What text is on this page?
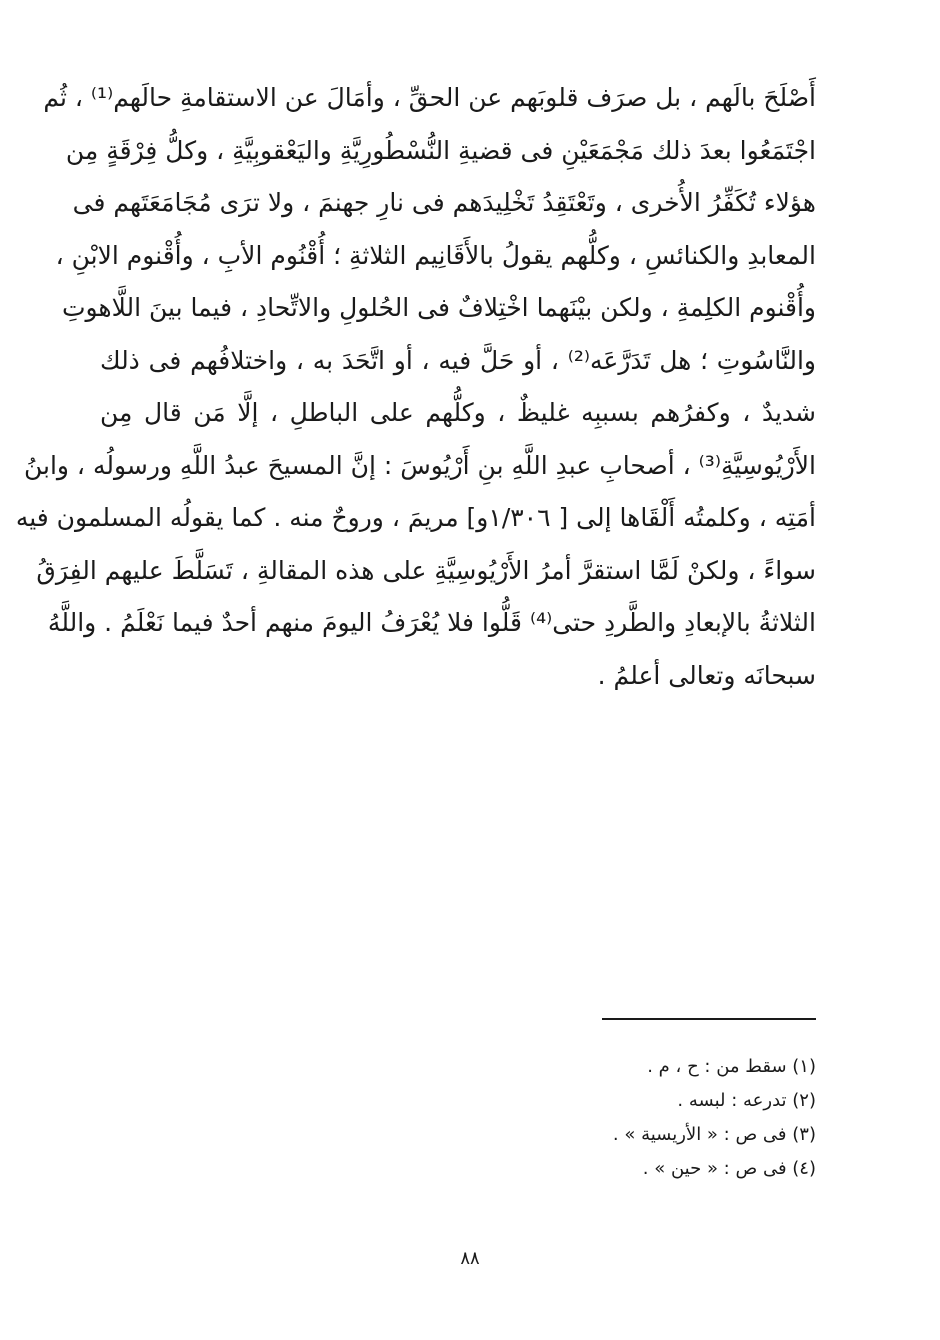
أَصْلَحَ بالَهم ، بل صرَف قلوبَهم عن الحقِّ ، وأمَالَ عن الاستقامةِ حالَهم⁽¹⁾ ، ثُم
اجْتَمَعُوا بعدَ ذلك مَجْمَعَيْنِ فى قضيةِ النُّسْطُورِيَّةِ واليَعْقوبِيَّةِ ، وكلُّ فِرْقَةٍ مِن
هؤلاء تُكَفِّرُ الأُخرى ، وتَعْتَقِدُ تَخْلِيدَهم فى نارِ جهنمَ ، ولا ترَى مُجَامَعَتَهم فى
المعابدِ والكنائسِ ، وكلُّهم يقولُ بالأَقَانِيم الثلاثةِ ؛ أُقْنُوم الأبِ ، وأُقْنوم الابْنِ ،
وأُقْنوم الكلِمةِ ، ولكن بيْنَهما اخْتِلافٌ فى الحُلولِ والاتِّحادِ ، فيما بينَ اللَّاهوتِ
والنَّاسُوتِ ؛ هل تَدَرَّعَه⁽²⁾ ، أو حَلَّ فيه ، أو اتَّحَدَ به ، واختلافُهم فى ذلك
شديدٌ ، وكفرُهم بسببِه غليظٌ ، وكلُّهم على الباطلِ ، إلَّا مَن قال مِن
الأَرْيُوسِيَّةِ⁽³⁾ ، أصحابِ عبدِ اللَّهِ بنِ أَرْيُوسَ : إنَّ المسيحَ عبدُ اللَّهِ ورسولُه ، وابنُ
أمَتِه ، وكلمتُه أَلْقَاها إلى [ ١/٣٠٦و] مريمَ ، وروحٌ منه . كما يقولُه المسلمون فيه
سواءً ، ولكنْ لَمَّا استقرَّ أمرُ الأَرْيُوسِيَّةِ على هذه المقالةِ ، تَسَلَّطَ عليهم الفِرَقُ
الثلاثةُ بالإبعادِ والطَّردِ حتى⁽⁴⁾ قَلُّوا فلا يُعْرَفُ اليومَ منهم أحدٌ فيما نَعْلَمُ . واللَّهُ
سبحانَه وتعالى أعلمُ .
(١) سقط من : ح ، م .
(٢) تدرعه : لبسه .
(٣) فى ص : « الأريسية » .
(٤) فى ص : « حين » .
٨٨
